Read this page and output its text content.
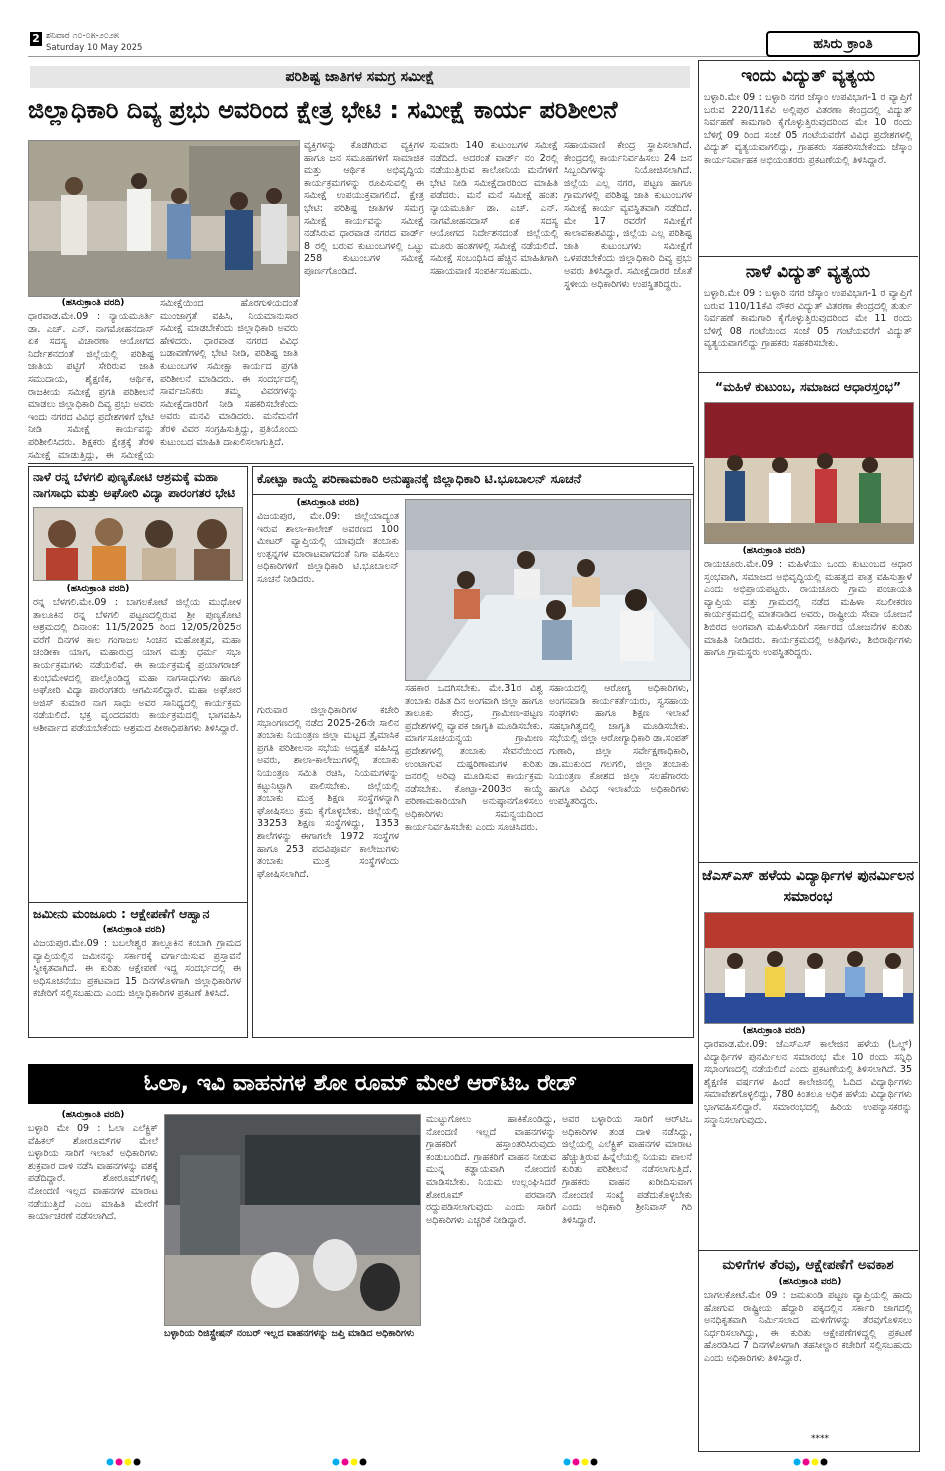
2 ಶನಿವಾರ ೧೦-೦೫-೨೦೨೫
Saturday 10 May 2025	ಹಸಿರು ಕ್ರಾಂತಿ
ಪರಿಶಿಷ್ಟ ಜಾತಿಗಳ ಸಮಗ್ರ ಸಮೀಕ್ಷೆ
ಜಿಲ್ಲಾಧಿಕಾರಿ ದಿವ್ಯ ಪ್ರಭು ಅವರಿಂದ ಕ್ಷೇತ್ರ ಭೇಟಿ : ಸಮೀಕ್ಷೆ ಕಾರ್ಯ ಪರಿಶೀಲನೆ
(ಹಸಿರುಕ್ರಾಂತಿ ವರದಿ)
ಧಾರವಾಡ.ಮೇ.09 : ನ್ಯಾಯಮೂರ್ತಿ ಡಾ. ಎಚ್. ಎನ್. ನಾಗಮೋಹನದಾಸ್ ಏಕ ಸದಸ್ಯ ವಿಚಾರಣಾ ಆಯೋಗದ ನಿರ್ದೇಶನದಂತೆ ಜಿಲ್ಲೆಯಲ್ಲಿ ಪರಿಶಿಷ್ಟ ಜಾತಿಯ ಪಟ್ಟಿಗೆ ಸೇರಿರುವ ಜಾತಿ ಸಮುದಾಯ, ಶೈಕ್ಷಣಿಕ, ಆರ್ಥಿಕ, ರಾಜಕೀಯ ಸಮೀಕ್ಷೆ ಪ್ರಗತಿ ಪರಿಶೀಲನೆ ಮಾಡಲು ಜಿಲ್ಲಾಧಿಕಾರಿ ದಿವ್ಯ ಪ್ರಭು ಅವರು ಇಂದು ನಗರದ ವಿವಿಧ ಪ್ರದೇಶಗಳಿಗೆ ಭೇಟಿ ನೀಡಿ ಸಮೀಕ್ಷೆ ಕಾರ್ಯವನ್ನು ಪರಿಶೀಲಿಸಿದರು. ಶಿಕ್ಷಕರು ಕ್ಷೇತ್ರಕ್ಕೆ ತೆರಳಿ ಸಮೀಕ್ಷೆ ಮಾಡುತ್ತಿದ್ದು, ಈ ಸಮೀಕ್ಷೆಯ
ಸಮೀಕ್ಷೆಯಿಂದ ಹೊರಗುಳಿಯದಂತೆ ಮುಂಜಾಗ್ರತೆ ವಹಿಸಿ, ನಿಯಮಾನುಸಾರ ಸಮೀಕ್ಷೆ ಮಾಡಬೇಕೆಂದು ಜಿಲ್ಲಾಧಿಕಾರಿ ಅವರು ಹೇಳಿದರು. ಧಾರವಾಡ ನಗರದ ವಿವಿಧ ಬಡಾವಣೆಗಳಲ್ಲಿ ಭೇಟಿ ನೀಡಿ, ಪರಿಶಿಷ್ಟ ಜಾತಿ ಕುಟುಂಬಗಳ ಸಮೀಕ್ಷಾ ಕಾರ್ಯದ ಪ್ರಗತಿ ಪರಿಶೀಲನೆ ಮಾಡಿದರು. ಈ ಸಂದರ್ಭದಲ್ಲಿ ಸಾರ್ವಜನಿಕರು ತಮ್ಮ ವಿವರಗಳನ್ನು ಸಮೀಕ್ಷೆದಾರರಿಗೆ ನೀಡಿ ಸಹಕರಿಸಬೇಕೆಂದು ಅವರು ಮನವಿ ಮಾಡಿದರು. ಮನೆಮನೆಗೆ ತೆರಳಿ ವಿವರ ಸಂಗ್ರಹಿಸುತ್ತಿದ್ದು, ಪ್ರತಿಯೊಂದು ಕುಟುಂಬದ ಮಾಹಿತಿ ದಾಖಲಿಸಲಾಗುತ್ತಿದೆ.
ವ್ಯಕ್ತಿಗಳನ್ನು ಕೊಡಗಿರುವ ವ್ಯಕ್ತಿಗಳ ಹಾಗೂ ಜನ ಸಮೂಹಗಳಿಗೆ ಸಾಮಾಜಿಕ ಮತ್ತು ಆರ್ಥಿಕ ಅಭಿವೃದ್ಧಿಯ ಕಾರ್ಯಕ್ರಮಗಳನ್ನು ರೂಪಿಸುವಲ್ಲಿ ಈ ಸಮೀಕ್ಷೆ ಉಪಯುಕ್ತವಾಗಲಿದೆ. ಕ್ಷೇತ್ರ ಭೇಟಿ: ಪರಿಶಿಷ್ಟ ಜಾತಿಗಳ ಸಮಗ್ರ ಸಮೀಕ್ಷೆ ಕಾರ್ಯವನ್ನು ಸಮೀಕ್ಷೆ ನಡೆಸಿರುವ ಧಾರವಾಡ ನಗರದ ವಾರ್ಡ್ 8 ರಲ್ಲಿ ಬರುವ ಕುಟುಂಬಗಳಲ್ಲಿ ಒಟ್ಟು 258 ಕುಟುಂಬಗಳ ಸಮೀಕ್ಷೆ ಪೂರ್ಣಗೊಂಡಿದೆ.
ಸುಮಾರು 140 ಕುಟುಂಬಗಳ ಸಮೀಕ್ಷೆ ನಡೆದಿದೆ. ಅದರಂತೆ ವಾರ್ಡ್ ನಂ 2ರಲ್ಲಿ ನಡೆಯುತ್ತಿರುವ ಕಾಲೋನಿಯ ಮನೆಗಳಿಗೆ ಭೇಟಿ ನೀಡಿ ಸಮೀಕ್ಷೆದಾರರಿಂದ ಮಾಹಿತಿ ಪಡೆದರು. ಮನೆ ಮನೆ ಸಮೀಕ್ಷೆ ಹಂತ: ನ್ಯಾಯಮೂರ್ತಿ ಡಾ. ಎಚ್. ಎನ್. ನಾಗಮೋಹನದಾಸ್ ಏಕ ಸದಸ್ಯ ಆಯೋಗದ ನಿರ್ದೇಶನದಂತೆ ಜಿಲ್ಲೆಯಲ್ಲಿ ಮೂರು ಹಂತಗಳಲ್ಲಿ ಸಮೀಕ್ಷೆ ನಡೆಯಲಿದೆ. ಸಮೀಕ್ಷೆ ಸಂಬಂಧಿಸಿದ ಹೆಚ್ಚಿನ ಮಾಹಿತಿಗಾಗಿ ಸಹಾಯವಾಣಿ ಸಂಪರ್ಕಿಸಬಹುದು.
ಸಹಾಯವಾಣಿ ಕೇಂದ್ರ ಸ್ಥಾಪಿಸಲಾಗಿದೆ. ಕೇಂದ್ರದಲ್ಲಿ ಕಾರ್ಯನಿರ್ವಹಿಸಲು 24 ಜನ ಸಿಬ್ಬಂದಿಗಳನ್ನು ನಿಯೋಜಿಸಲಾಗಿದೆ. ಜಿಲ್ಲೆಯ ಎಲ್ಲ ನಗರ, ಪಟ್ಟಣ ಹಾಗೂ ಗ್ರಾಮಗಳಲ್ಲಿ ಪರಿಶಿಷ್ಟ ಜಾತಿ ಕುಟುಂಬಗಳ ಸಮೀಕ್ಷೆ ಕಾರ್ಯ ವ್ಯವಸ್ಥಿತವಾಗಿ ನಡೆದಿದೆ. ಮೇ 17 ರವರೆಗೆ ಸಮೀಕ್ಷೆಗೆ ಕಾಲಾವಕಾಶವಿದ್ದು, ಜಿಲ್ಲೆಯ ಎಲ್ಲ ಪರಿಶಿಷ್ಟ ಜಾತಿ ಕುಟುಂಬಗಳು ಸಮೀಕ್ಷೆಗೆ ಒಳಪಡಬೇಕೆಂದು ಜಿಲ್ಲಾಧಿಕಾರಿ ದಿವ್ಯ ಪ್ರಭು ಅವರು ತಿಳಿಸಿದ್ದಾರೆ. ಸಮೀಕ್ಷೆದಾರರ ಜೊತೆ ಸ್ಥಳೀಯ ಅಧಿಕಾರಿಗಳು ಉಪಸ್ಥಿತರಿದ್ದರು.
ನಾಳೆ ರನ್ನ ಬೆಳಗಲಿ ಪುಣ್ಯಕೋಟಿ ಆಶ್ರಮಕ್ಕೆ ಮಹಾ ನಾಗಸಾಧು ಮತ್ತು ಅಘೋರಿ ವಿದ್ಯಾ ಪಾರಂಗತರ ಭೇಟಿ
(ಹಸಿರುಕ್ರಾಂತಿ ವರದಿ)
ರನ್ನ ಬೆಳಗಲಿ.ಮೇ.09 : ಬಾಗಲಕೋಟೆ ಜಿಲ್ಲೆಯ ಮುಧೋಳ ತಾಲೂಕಿನ ರನ್ನ ಬೆಳಗಲಿ ಪಟ್ಟಣದಲ್ಲಿರುವ ಶ್ರೀ ಪುಣ್ಯಕೋಟಿ ಆಶ್ರಮದಲ್ಲಿ ದಿನಾಂಕ: 11/5/2025 ರಿಂದ 12/05/2025ರ ವರೆಗೆ ದಿನಗಳ ಕಾಲ ಗಂಗಾಜಲ ಸಿಂಚನ ಮಹೋತ್ಸವ, ಮಹಾ ಚಂಡೀಕಾ ಯಾಗ, ಮಹಾರುದ್ರ ಯಾಗ ಮತ್ತು ಧರ್ಮ ಸಭಾ ಕಾರ್ಯಕ್ರಮಗಳು ನಡೆಯಲಿವೆ. ಈ ಕಾರ್ಯಕ್ರಮಕ್ಕೆ ಪ್ರಯಾಗರಾಜ್ ಕುಂಭಮೇಳದಲ್ಲಿ ಪಾಲ್ಗೊಂಡಿದ್ದ ಮಹಾ ನಾಗಸಾಧುಗಳು ಹಾಗೂ ಅಘೋರಿ ವಿದ್ಯಾ ಪಾರಂಗತರು ಆಗಮಿಸಲಿದ್ದಾರೆ. ಮಹಾ ಅಘೋರ ಅಜಿಸ್ ಕುಮಾರ ನಾಗ ಸಾಧು ಅವರ ಸಾನಿಧ್ಯದಲ್ಲಿ ಕಾರ್ಯಕ್ರಮ ನಡೆಯಲಿದೆ. ಭಕ್ತ ವೃಂದದವರು ಕಾರ್ಯಕ್ರಮದಲ್ಲಿ ಭಾಗವಹಿಸಿ ಆಶೀರ್ವಾದ ಪಡೆಯಬೇಕೆಂದು ಆಶ್ರಮದ ಪೀಠಾಧಿಪತಿಗಳು ತಿಳಿಸಿದ್ದಾರೆ.
ಜಮೀನು ಮಂಜೂರು : ಆಕ್ಷೇಪಣೆಗೆ ಆಹ್ವಾನ
(ಹಸಿರುಕ್ರಾಂತಿ ವರದಿ)
ವಿಜಯಪುರ.ಮೇ.09 : ಬಬಲೇಶ್ವರ ತಾಲ್ಲೂಕಿನ ಕಂಬಾಗಿ ಗ್ರಾಮದ ವ್ಯಾಪ್ತಿಯಲ್ಲಿನ ಜಮೀನನ್ನು ಸರ್ಕಾರಕ್ಕೆ ವರ್ಗಾಯಿಸುವ ಪ್ರಸ್ತಾವನೆ ಸ್ವೀಕೃತವಾಗಿದೆ. ಈ ಕುರಿತು ಆಕ್ಷೇಪಣೆ ಇದ್ದ ಸಂದರ್ಭದಲ್ಲಿ ಈ ಅಧಿಸೂಚನೆಯು ಪ್ರಕಟವಾದ 15 ದಿನಗಳೊಳಗಾಗಿ ಜಿಲ್ಲಾಧಿಕಾರಿಗಳ ಕಚೇರಿಗೆ ಸಲ್ಲಿಸಬಹುದು ಎಂದು ಜಿಲ್ಲಾಧಿಕಾರಿಗಳ ಪ್ರಕಟಣೆ ತಿಳಿಸಿದೆ.
ಕೋಟ್ಪಾ ಕಾಯ್ದೆ ಪರಿಣಾಮಕಾರಿ ಅನುಷ್ಠಾನಕ್ಕೆ ಜಿಲ್ಲಾಧಿಕಾರಿ ಟಿ.ಭೂಬಾಲನ್ ಸೂಚನೆ
(ಹಸಿರುಕ್ರಾಂತಿ ವರದಿ)
ವಿಜಯಪುರ, ಮೇ.09: ಜಿಲ್ಲೆಯಾದ್ಯಂತ ಇರುವ ಶಾಲಾ-ಕಾಲೇಜ್ ಅವರಣದ 100 ಮೀಟರ್ ವ್ಯಾಪ್ತಿಯಲ್ಲಿ ಯಾವುದೇ ತಂಬಾಕು ಉತ್ಪನ್ನಗಳ ಮಾರಾಟವಾಗದಂತೆ ನಿಗಾ ವಹಿಸಲು ಅಧಿಕಾರಿಗಳಿಗೆ ಜಿಲ್ಲಾಧಿಕಾರಿ ಟಿ.ಭೂಬಾಲನ್ ಸೂಚನೆ ನೀಡಿದರು.
ಗುರುವಾರ ಜಿಲ್ಲಾಧಿಕಾರಿಗಳ ಕಚೇರಿ ಸಭಾಂಗಣದಲ್ಲಿ ನಡೆದ 2025-26ನೇ ಸಾಲಿನ ತಂಬಾಕು ನಿಯಂತ್ರಣ ಜಿಲ್ಲಾ ಮಟ್ಟದ ತ್ರೈಮಾಸಿಕ ಪ್ರಗತಿ ಪರಿಶೀಲನಾ ಸಭೆಯ ಅಧ್ಯಕ್ಷತೆ ವಹಿಸಿದ್ದ ಅವರು, ಶಾಲಾ-ಕಾಲೇಜುಗಳಲ್ಲಿ ತಂಬಾಕು ನಿಯಂತ್ರಣ ಸಮಿತಿ ರಚಿಸಿ, ನಿಯಮಗಳನ್ನು ಕಟ್ಟುನಿಟ್ಟಾಗಿ ಪಾಲಿಸಬೇಕು. ಜಿಲ್ಲೆಯಲ್ಲಿ ತಂಬಾಕು ಮುಕ್ತ ಶಿಕ್ಷಣ ಸಂಸ್ಥೆಗಳನ್ನಾಗಿ ಘೋಷಿಸಲು ಕ್ರಮ ಕೈಗೊಳ್ಳಬೇಕು. ಜಿಲ್ಲೆಯಲ್ಲಿ 33253 ಶಿಕ್ಷಣ ಸಂಸ್ಥೆಗಳಿದ್ದು, 1353 ಶಾಲೆಗಳನ್ನು ಈಗಾಗಲೇ 1972 ಸಂಸ್ಥೆಗಳ ಹಾಗೂ 253 ಪದವಿಪೂರ್ವ ಕಾಲೇಜುಗಳು ತಂಬಾಕು ಮುಕ್ತ ಸಂಸ್ಥೆಗಳೆಂದು ಘೋಷಿಸಲಾಗಿದೆ.
ಸಹಕಾರ ಒದಗಿಸಬೇಕು. ಮೇ.31ರ ವಿಶ್ವ ತಂಬಾಕು ರಹಿತ ದಿನ ಅಂಗವಾಗಿ ಜಿಲ್ಲಾ ಹಾಗೂ ತಾಲೂಕು ಕೇಂದ್ರ, ಗ್ರಾಮೀಣ-ಪಟ್ಟಣ ಪ್ರದೇಶಗಳಲ್ಲಿ ವ್ಯಾಪಕ ಜಾಗೃತಿ ಮೂಡಿಸಬೇಕು. ಮಾರ್ಗಸೂಚಿಯನ್ವಯ ಗ್ರಾಮೀಣ ಪ್ರದೇಶಗಳಲ್ಲಿ ತಂಬಾಕು ಸೇವನೆಯಿಂದ ಉಂಟಾಗುವ ದುಷ್ಪರಿಣಾಮಗಳ ಕುರಿತು ಜನರಲ್ಲಿ ಅರಿವು ಮೂಡಿಸುವ ಕಾರ್ಯಕ್ರಮ ನಡೆಸಬೇಕು. ಕೋಟ್ಪಾ-2003ರ ಕಾಯ್ದೆ ಪರಿಣಾಮಕಾರಿಯಾಗಿ ಅನುಷ್ಠಾನಗೊಳಿಸಲು ಅಧಿಕಾರಿಗಳು ಸಮನ್ವಯದಿಂದ ಕಾರ್ಯನಿರ್ವಹಿಸಬೇಕು ಎಂದು ಸೂಚಿಸಿದರು.
ಸಹಾಯದಲ್ಲಿ ಆರೋಗ್ಯ ಅಧಿಕಾರಿಗಳು, ಅಂಗನವಾಡಿ ಕಾರ್ಯಕರ್ತೆಯರು, ಸ್ವಸಹಾಯ ಸಂಘಗಳು ಹಾಗೂ ಶಿಕ್ಷಣ ಇಲಾಖೆ ಸಹಭಾಗಿತ್ವದಲ್ಲಿ ಜಾಗೃತಿ ಮೂಡಿಸಬೇಕು. ಸಭೆಯಲ್ಲಿ ಜಿಲ್ಲಾ ಆರೋಗ್ಯಾಧಿಕಾರಿ ಡಾ.ಸಂಪತ್ ಗುಣಾರಿ, ಜಿಲ್ಲಾ ಸರ್ವೇಕ್ಷಣಾಧಿಕಾರಿ, ಡಾ.ಮುಕುಂದ ಗಲಗಲಿ, ಜಿಲ್ಲಾ ತಂಬಾಕು ನಿಯಂತ್ರಣ ಕೋಶದ ಜಿಲ್ಲಾ ಸಲಹೆಗಾರರು ಹಾಗೂ ವಿವಿಧ ಇಲಾಖೆಯ ಅಧಿಕಾರಿಗಳು ಉಪಸ್ಥಿತರಿದ್ದರು.
ಓಲಾ, ಇವಿ ವಾಹನಗಳ ಶೋ ರೂಮ್ ಮೇಲೆ ಆರ್‌ಟಿಒ ರೇಡ್
(ಹಸಿರುಕ್ರಾಂತಿ ವರದಿ)
ಬಳ್ಳಾರಿ ಮೇ 09 : ಓಲಾ ಎಲೆಕ್ಟ್ರಿಕ್ ವೆಹಿಕಲ್ ಶೋರೂಮ್‌ಗಳ ಮೇಲೆ ಬಳ್ಳಾರಿಯ ಸಾರಿಗೆ ಇಲಾಖೆ ಅಧಿಕಾರಿಗಳು ಶುಕ್ರವಾರ ದಾಳಿ ನಡೆಸಿ ವಾಹನಗಳನ್ನು ವಶಕ್ಕೆ ಪಡೆದಿದ್ದಾರೆ. ಶೋರೂಮ್‌ಗಳಲ್ಲಿ ನೋಂದಣಿ ಇಲ್ಲದ ವಾಹನಗಳ ಮಾರಾಟ ನಡೆಯುತ್ತಿದೆ ಎಂಬ ಮಾಹಿತಿ ಮೇರೆಗೆ ಕಾರ್ಯಾಚರಣೆ ನಡೆಸಲಾಗಿದೆ.
ಬಳ್ಳಾರಿಯ ರಿಜಿಸ್ಟ್ರೇಷನ್ ನಂಬರ್ ಇಲ್ಲದ ವಾಹನಗಳನ್ನು ಜಪ್ತಿ ಮಾಡಿದ ಅಧಿಕಾರಿಗಳು
ಮುಟ್ಟುಗೋಲು ಹಾಕಿಕೊಂಡಿದ್ದು, ನೋಂದಣಿ ಇಲ್ಲದೆ ವಾಹನಗಳನ್ನು ಗ್ರಾಹಕರಿಗೆ ಹಸ್ತಾಂತರಿಸಿರುವುದು ಕಂಡುಬಂದಿದೆ. ಗ್ರಾಹಕರಿಗೆ ವಾಹನ ನೀಡುವ ಮುನ್ನ ಕಡ್ಡಾಯವಾಗಿ ನೋಂದಣಿ ಮಾಡಿಸಬೇಕು. ನಿಯಮ ಉಲ್ಲಂಘಿಸಿದರೆ ಶೋರೂಮ್ ಪರವಾನಗಿ ರದ್ದುಪಡಿಸಲಾಗುವುದು ಎಂದು ಸಾರಿಗೆ ಅಧಿಕಾರಿಗಳು ಎಚ್ಚರಿಕೆ ನೀಡಿದ್ದಾರೆ.
ಅವರ ಬಳ್ಳಾರಿಯ ಸಾರಿಗೆ ಆರ್‌ಟಿಒ ಅಧಿಕಾರಿಗಳ ತಂಡ ದಾಳಿ ನಡೆಸಿದ್ದು, ಜಿಲ್ಲೆಯಲ್ಲಿ ಎಲೆಕ್ಟ್ರಿಕ್ ವಾಹನಗಳ ಮಾರಾಟ ಹೆಚ್ಚುತ್ತಿರುವ ಹಿನ್ನೆಲೆಯಲ್ಲಿ ನಿಯಮ ಪಾಲನೆ ಕುರಿತು ಪರಿಶೀಲನೆ ನಡೆಸಲಾಗುತ್ತಿದೆ. ಗ್ರಾಹಕರು ವಾಹನ ಖರೀದಿಸುವಾಗ ನೋಂದಣಿ ಸಂಖ್ಯೆ ಪಡೆದುಕೊಳ್ಳಬೇಕು ಎಂದು ಅಧಿಕಾರಿ ಶ್ರೀನಿವಾಸ್ ಗಿರಿ ತಿಳಿಸಿದ್ದಾರೆ.
ಇಂದು ವಿದ್ಯುತ್ ವ್ಯತ್ಯಯ
ಬಳ್ಳಾರಿ.ಮೇ 09 : ಬಳ್ಳಾರಿ ನಗರ ಜೆಸ್ಕಾಂ ಉಪವಿಭಾಗ-1 ರ ವ್ಯಾಪ್ತಿಗೆ ಬರುವ 220/11ಕೆವಿ ಅಲ್ಲಿಪುರ ವಿತರಣಾ ಕೇಂದ್ರದಲ್ಲಿ ವಿದ್ಯುತ್ ನಿರ್ವಹಣೆ ಕಾಮಗಾರಿ ಕೈಗೊಳ್ಳುತ್ತಿರುವುದರಿಂದ ಮೇ 10 ರಂದು ಬೆಳಿಗ್ಗೆ 09 ರಿಂದ ಸಂಜೆ 05 ಗಂಟೆಯವರೆಗೆ ವಿವಿಧ ಪ್ರದೇಶಗಳಲ್ಲಿ ವಿದ್ಯುತ್ ವ್ಯತ್ಯಯವಾಗಲಿದ್ದು, ಗ್ರಾಹಕರು ಸಹಕರಿಸಬೇಕೆಂದು ಜೆಸ್ಕಾಂ ಕಾರ್ಯನಿರ್ವಾಹಕ ಅಭಿಯಂತರರು ಪ್ರಕಟಣೆಯಲ್ಲಿ ತಿಳಿಸಿದ್ದಾರೆ.
ನಾಳೆ ವಿದ್ಯುತ್ ವ್ಯತ್ಯಯ
ಬಳ್ಳಾರಿ.ಮೇ 09 : ಬಳ್ಳಾರಿ ನಗರ ಜೆಸ್ಕಾಂ ಉಪವಿಭಾಗ-1 ರ ವ್ಯಾಪ್ತಿಗೆ ಬರುವ 110/11ಕೆವಿ ನೌಕರ ವಿದ್ಯುತ್ ವಿತರಣಾ ಕೇಂದ್ರದಲ್ಲಿ ತುರ್ತು ನಿರ್ವಹಣೆ ಕಾಮಗಾರಿ ಕೈಗೊಳ್ಳುತ್ತಿರುವುದರಿಂದ ಮೇ 11 ರಂದು ಬೆಳಿಗ್ಗೆ 08 ಗಂಟೆಯಿಂದ ಸಂಜೆ 05 ಗಂಟೆಯವರೆಗೆ ವಿದ್ಯುತ್ ವ್ಯತ್ಯಯವಾಗಲಿದ್ದು ಗ್ರಾಹಕರು ಸಹಕರಿಸಬೇಕು.
“ಮಹಿಳೆ ಕುಟುಂಬ, ಸಮಾಜದ ಆಧಾರಸ್ತಂಭ”
(ಹಸಿರುಕ್ರಾಂತಿ ವರದಿ)
ರಾಯಚೂರು.ಮೇ.09 : ಮಹಿಳೆಯು ಒಂದು ಕುಟುಂಬದ ಆಧಾರ ಸ್ತಂಭವಾಗಿ, ಸಮಾಜದ ಅಭಿವೃದ್ಧಿಯಲ್ಲಿ ಮಹತ್ವದ ಪಾತ್ರ ವಹಿಸುತ್ತಾಳೆ ಎಂದು ಅಭಿಪ್ರಾಯಪಟ್ಟರು. ರಾಯಚೂರು ಗ್ರಾಮ ಪಂಚಾಯತಿ ವ್ಯಾಪ್ತಿಯ ವತ್ತು ಗ್ರಾಮದಲ್ಲಿ ನಡೆದ ಮಹಿಳಾ ಸಬಲೀಕರಣ ಕಾರ್ಯಕ್ರಮದಲ್ಲಿ ಮಾತನಾಡಿದ ಅವರು, ರಾಷ್ಟ್ರೀಯ ಸೇವಾ ಯೋಜನೆ ಶಿಬಿರದ ಅಂಗವಾಗಿ ಮಹಿಳೆಯರಿಗೆ ಸರ್ಕಾರದ ಯೋಜನೆಗಳ ಕುರಿತು ಮಾಹಿತಿ ನೀಡಿದರು. ಕಾರ್ಯಕ್ರಮದಲ್ಲಿ ಅತಿಥಿಗಳು, ಶಿಬಿರಾರ್ಥಿಗಳು ಹಾಗೂ ಗ್ರಾಮಸ್ಥರು ಉಪಸ್ಥಿತರಿದ್ದರು.
ಜೆಎಸ್‌ಎಸ್ ಹಳೆಯ ವಿದ್ಯಾರ್ಥಿಗಳ ಪುನರ್ಮಿಲನ ಸಮಾರಂಭ
(ಹಸಿರುಕ್ರಾಂತಿ ವರದಿ)
ಧಾರವಾಡ.ಮೇ.09: ಜೆಎಸ್‌ಎಸ್ ಕಾಲೇಜಿನ ಹಳೆಯ (ಓಲ್ಡ್) ವಿದ್ಯಾರ್ಥಿಗಳ ಪುನರ್ಮಿಲನ ಸಮಾರಂಭ ಮೇ 10 ರಂದು ಸನ್ನಿಧಿ ಸಭಾಂಗಣದಲ್ಲಿ ನಡೆಯಲಿದೆ ಎಂದು ಪ್ರಕಟಣೆಯಲ್ಲಿ ತಿಳಿಸಲಾಗಿದೆ. 35 ಶೈಕ್ಷಣಿಕ ವರ್ಷಗಳ ಹಿಂದೆ ಕಾಲೇಜಿನಲ್ಲಿ ಓದಿದ ವಿದ್ಯಾರ್ಥಿಗಳು ಸಮಾವೇಶಗೊಳ್ಳಲಿದ್ದು, 780 ಕಿಂತಲೂ ಅಧಿಕ ಹಳೆಯ ವಿದ್ಯಾರ್ಥಿಗಳು ಭಾಗವಹಿಸಲಿದ್ದಾರೆ. ಸಮಾರಂಭದಲ್ಲಿ ಹಿರಿಯ ಉಪನ್ಯಾಸಕರನ್ನು ಸನ್ಮಾನಿಸಲಾಗುವುದು.
ಮಳಿಗೆಗಳ ತೆರವು, ಆಕ್ಷೇಪಣೆಗೆ ಅವಕಾಶ
(ಹಸಿರುಕ್ರಾಂತಿ ವರದಿ)
ಬಾಗಲಕೋಟೆ.ಮೇ 09 : ಜಮಖಂಡಿ ಪಟ್ಟಣ ವ್ಯಾಪ್ತಿಯಲ್ಲಿ ಹಾದು ಹೋಗುವ ರಾಷ್ಟ್ರೀಯ ಹೆದ್ದಾರಿ ಪಕ್ಕದಲ್ಲಿನ ಸರ್ಕಾರಿ ಜಾಗದಲ್ಲಿ ಅನಧಿಕೃತವಾಗಿ ನಿರ್ಮಿಸಲಾದ ಮಳಿಗೆಗಳನ್ನು ತೆರವುಗೊಳಿಸಲು ನಿರ್ಧರಿಸಲಾಗಿದ್ದು, ಈ ಕುರಿತು ಆಕ್ಷೇಪಣೆಗಳಿದ್ದಲ್ಲಿ ಪ್ರಕಟಣೆ ಹೊರಡಿಸಿದ 7 ದಿನಗಳೊಳಗಾಗಿ ತಹಸೀಲ್ದಾರ ಕಚೇರಿಗೆ ಸಲ್ಲಿಸಬಹುದು ಎಂದು ಅಧಿಕಾರಿಗಳು ತಿಳಿಸಿದ್ದಾರೆ.
****
